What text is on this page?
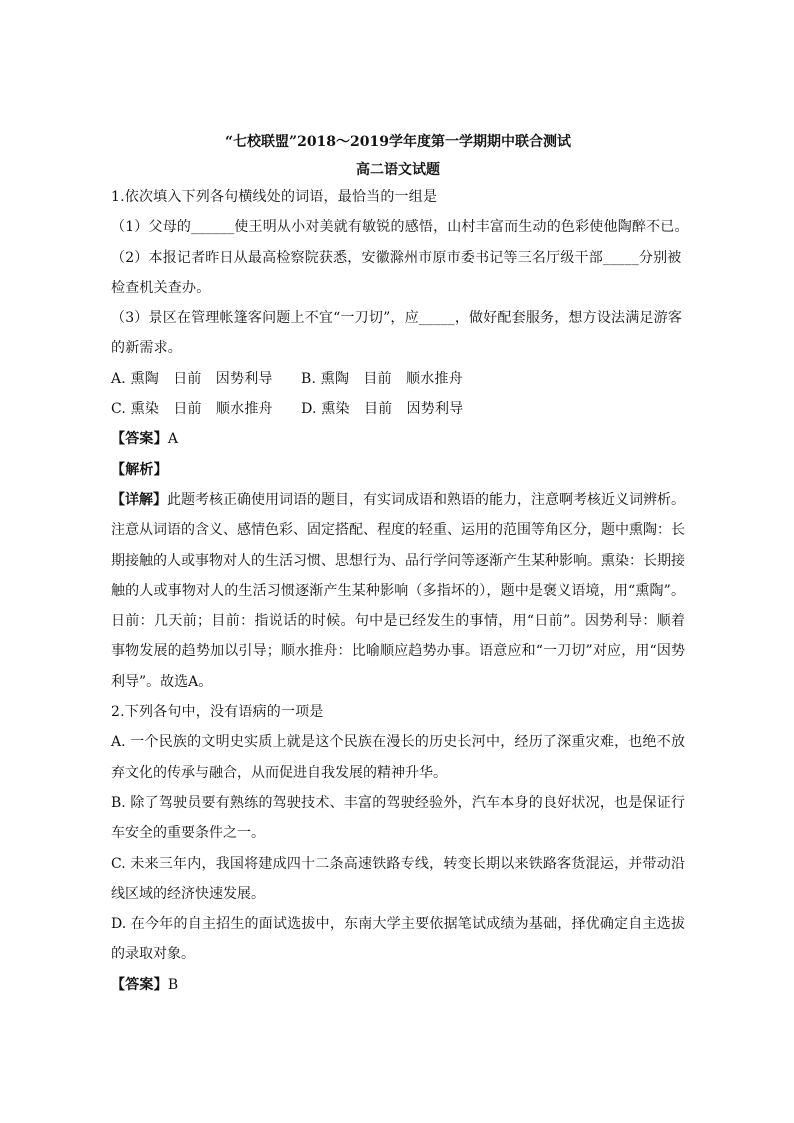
“七校联盟”2018～2019学年度第一学期期中联合测试

高二语文试题

1.依次填入下列各句横线处的词语，最恰当的一组是

（1）父母的______使王明从小对美就有敏锐的感悟，山村丰富而生动的色彩使他陶醉不已。

（2）本报记者昨日从最高检察院获悉，安徽滁州市原市委书记等三名厅级干部_____分别被

检查机关查办。

（3）景区在管理帐篷客问题上不宜“一刀切”，应_____，做好配套服务，想方设法满足游客

的新需求。

A. 熏陶　日前　因势利导　　B. 熏陶　目前　顺水推舟

C. 熏染　日前　顺水推舟　　D. 熏染　目前　因势利导

【答案】A

【解析】

【详解】此题考核正确使用词语的题目，有实词成语和熟语的能力，注意啊考核近义词辨析。注意从词语的含义、感情色彩、固定搭配、程度的轻重、运用的范围等角区分，题中熏陶：长期接触的人或事物对人的生活习惯、思想行为、品行学问等逐渐产生某种影响。熏染：长期接触的人或事物对人的生活习惯逐渐产生某种影响（多指坏的），题中是褒义语境，用“熏陶”。日前：几天前；目前：指说话的时候。句中是已经发生的事情，用“日前”。因势利导：顺着事物发展的趋势加以引导；顺水推舟：比喻顺应趋势办事。语意应和“一刀切”对应，用“因势利导”。故选A。

2.下列各句中，没有语病的一项是

A. 一个民族的文明史实质上就是这个民族在漫长的历史长河中，经历了深重灾难，也绝不放弃文化的传承与融合，从而促进自我发展的精神升华。

B. 除了驾驶员要有熟练的驾驶技术、丰富的驾驶经验外，汽车本身的良好状况，也是保证行车安全的重要条件之一。

C. 未来三年内，我国将建成四十二条高速铁路专线，转变长期以来铁路客货混运，并带动沿线区域的经济快速发展。

D. 在今年的自主招生的面试选拔中，东南大学主要依据笔试成绩为基础，择优确定自主选拔的录取对象。

【答案】B
